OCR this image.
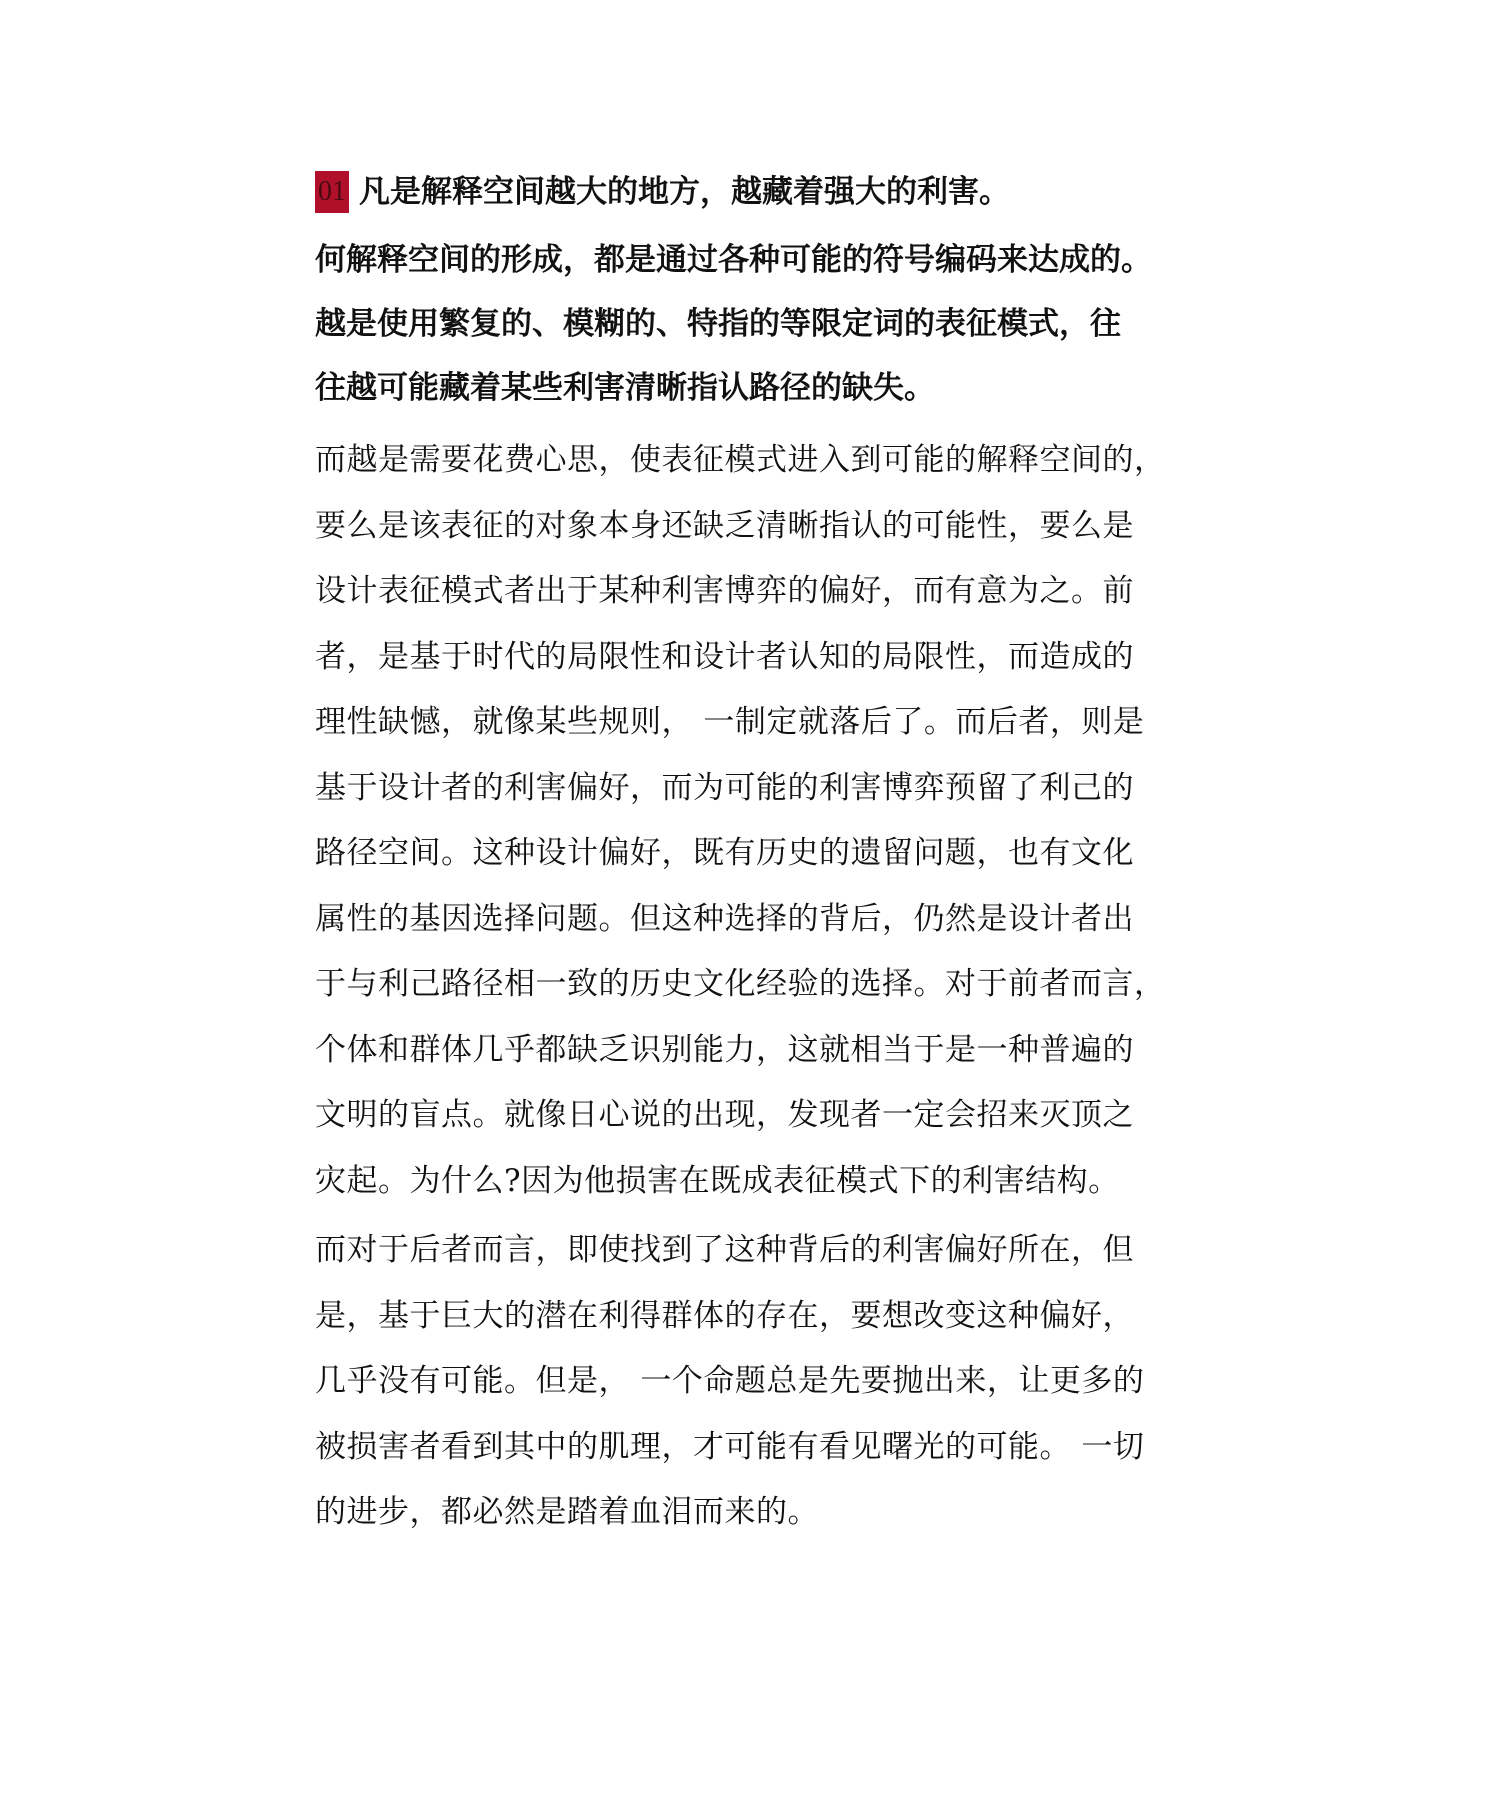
01 凡是解释空间越大的地方，越藏着强大的利害。

何解释空间的形成，都是通过各种可能的符号编码来达成的。
越是使用繁复的、模糊的、特指的等限定词的表征模式，往
往越可能藏着某些利害清晰指认路径的缺失。

而越是需要花费心思，使表征模式进入到可能的解释空间的，
要么是该表征的对象本身还缺乏清晰指认的可能性，要么是
设计表征模式者出于某种利害博弈的偏好，而有意为之。前
者，是基于时代的局限性和设计者认知的局限性，而造成的
理性缺憾，就像某些规则， 一制定就落后了。而后者，则是
基于设计者的利害偏好，而为可能的利害博弈预留了利己的
路径空间。这种设计偏好，既有历史的遗留问题，也有文化
属性的基因选择问题。但这种选择的背后，仍然是设计者出
于与利己路径相一致的历史文化经验的选择。对于前者而言，
个体和群体几乎都缺乏识别能力，这就相当于是一种普遍的
文明的盲点。就像日心说的出现，发现者一定会招来灭顶之
灾起。为什么?因为他损害在既成表征模式下的利害结构。

而对于后者而言，即使找到了这种背后的利害偏好所在，但
是，基于巨大的潜在利得群体的存在，要想改变这种偏好，
几乎没有可能。但是， 一个命题总是先要抛出来，让更多的
被损害者看到其中的肌理，才可能有看见曙光的可能。 一切
的进步，都必然是踏着血泪而来的。
